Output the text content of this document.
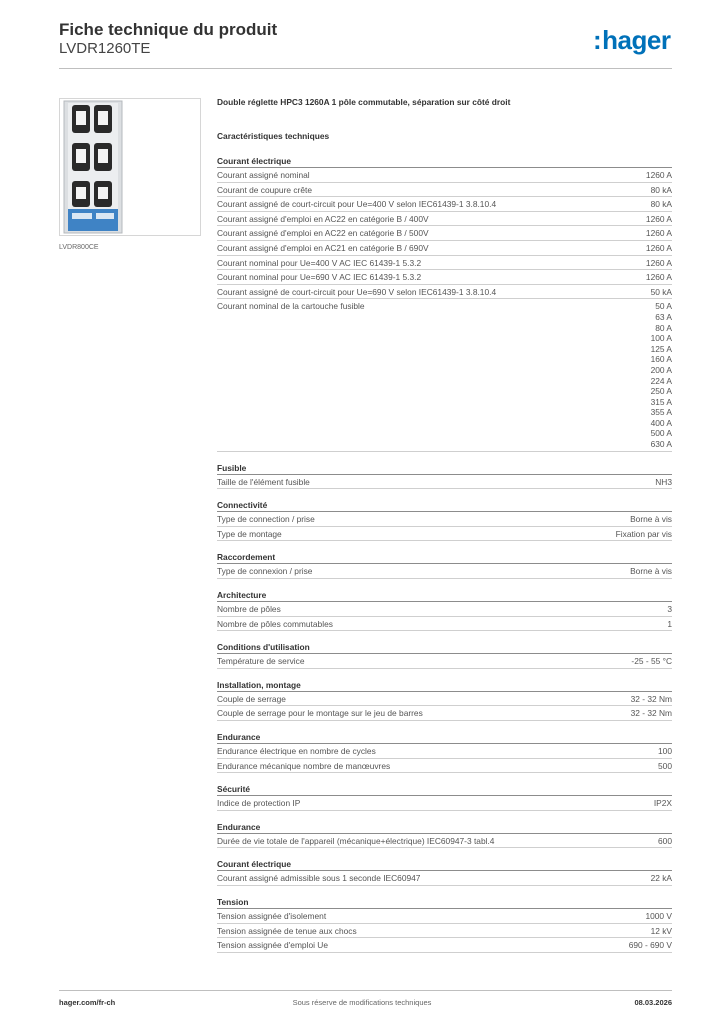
Fiche technique du produit
LVDR1260TE	:hager
LVDR800CE
Double réglette HPC3 1260A 1 pôle commutable, séparation sur côté droit
Caractéristiques techniques
Courant électrique
Courant assigné nominal	1260 A
Courant de coupure crête	80 kA
Courant assigné de court-circuit pour Ue=400 V selon IEC61439-1 3.8.10.4	80 kA
Courant assigné d'emploi en AC22 en catégorie B / 400V	1260 A
Courant assigné d'emploi en AC22 en catégorie B / 500V	1260 A
Courant assigné d'emploi en AC21 en catégorie B / 690V	1260 A
Courant nominal pour Ue=400 V AC IEC 61439-1 5.3.2	1260 A
Courant nominal pour Ue=690 V AC IEC 61439-1 5.3.2	1260 A
Courant assigné de court-circuit pour Ue=690 V selon IEC61439-1 3.8.10.4	50 kA
Courant nominal de la cartouche fusible	50 A
63 A
80 A
100 A
125 A
160 A
200 A
224 A
250 A
315 A
355 A
400 A
500 A
630 A
Fusible
Taille de l'élément fusible	NH3
Connectivité
Type de connection / prise	Borne à vis
Type de montage	Fixation par vis
Raccordement
Type de connexion / prise	Borne à vis
Architecture
Nombre de pôles	3
Nombre de pôles commutables	1
Conditions d'utilisation
Température de service	-25 - 55 °C
Installation, montage
Couple de serrage	32 - 32 Nm
Couple de serrage pour le montage sur le jeu de barres	32 - 32 Nm
Endurance
Endurance électrique en nombre de cycles	100
Endurance mécanique nombre de manœuvres	500
Sécurité
Indice de protection IP	IP2X
Endurance
Durée de vie totale de l'appareil (mécanique+électrique) IEC60947-3 tabl.4	600
Courant électrique
Courant assigné admissible sous 1 seconde IEC60947	22 kA
Tension
Tension assignée d'isolement	1000 V
Tension assignée de tenue aux chocs	12 kV
Tension assignée d'emploi Ue	690 - 690 V
Sous réserve de modifications techniques
hager.com/fr-ch	08.03.2026
